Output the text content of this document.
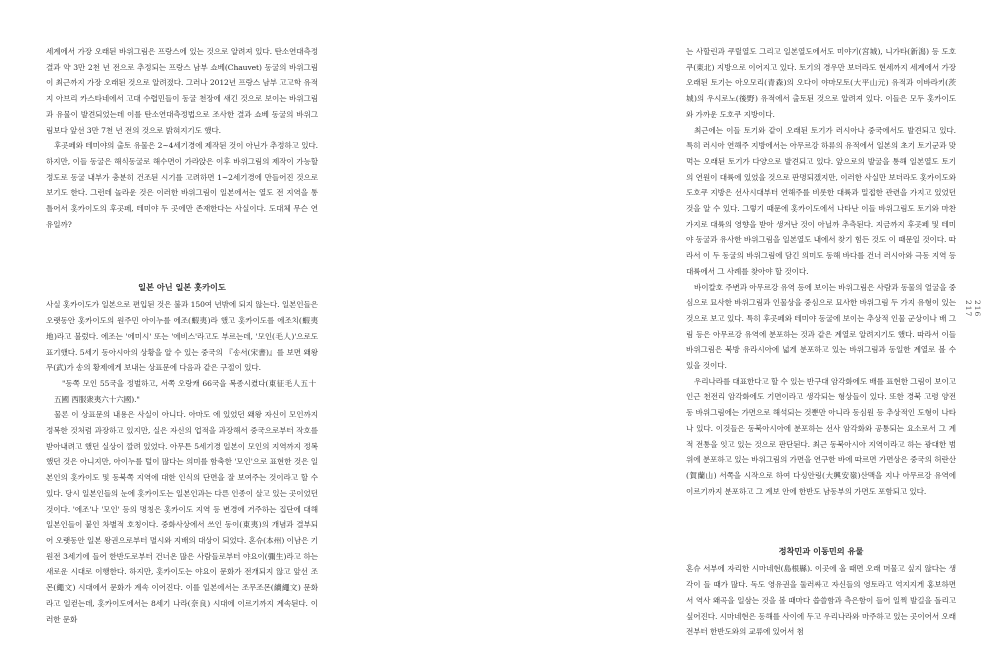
세계에서 가장 오래된 바위그림은 프랑스에 있는 것으로 알려져 있다. 탄소연대측정 결과 약 3만 2천 년 전으로 추정되는 프랑스 남부 쇼베(Chauvet) 동굴의 바위그림이 최근까지 가장 오래된 것으로 알려졌다. 그러나 2012년 프랑스 남부 고고학 유적지 아브리 카스타네에서 고대 수렵민들이 동굴 천장에 새긴 것으로 보이는 바위그림과 유물이 발견되었는데 이를 탄소연대측정법으로 조사한 결과 쇼베 동굴의 바위그림보다 앞선 3만 7천 년 전의 것으로 밝혀지기도 했다.

후곳페와 테미야의 출토 유물은 2~4세기경에 제작된 것이 아닌가 추정하고 있다. 하지만, 이들 동굴은 해식동굴로 해수면이 가라앉은 이후 바위그림의 제작이 가능할 정도로 동굴 내부가 충분히 건조된 시기를 고려하면 1~2세기경에 만들어진 것으로 보기도 한다. 그런데 놀라운 것은 이러한 바위그림이 일본에서는 열도 전 지역을 통틀어서 홋카이도의 후곳페, 테미야 두 곳에만 존재한다는 사실이다. 도대체 무슨 연유일까?

일본 아닌 일본 홋카이도

사실 홋카이도가 일본으로 편입된 것은 불과 150여 년밖에 되지 않는다. 일본인들은 오랫동안 홋카이도의 원주민 아이누를 에조(蝦夷)라 했고 홋카이도를 에조치(蝦夷地)라고 불렀다. 에조는 '에미시' 또는 '에비스'라고도 부르는데, '모인(毛人)'으로도 표기했다. 5세기 동아시아의 상황을 알 수 있는 중국의 『송서(宋書)』를 보면 왜왕 무(武)가 송의 황제에게 보내는 상표문에 다음과 같은 구절이 있다.

"동쪽 모인 55국을 정벌하고, 서쪽 오랑캐 66국을 복종시켰다(東征毛人五十五國 西服衆夷六十六國)."

물론 이 상표문의 내용은 사실이 아니다. 아마도 에 있었던 왜왕 자신이 모인까지 정복한 것처럼 과장하고 있지만, 실은 자신의 업적을 과장해서 중국으로부터 작호를 받아내려고 했던 실상이 깔려 있었다. 아무튼 5세기경 일본이 모인의 지역까지 정복했던 것은 아니지만, 아이누를 털이 많다는 의미를 함축한 '모인'으로 표현한 것은 일본인의 홋카이도 및 동북쪽 지역에 대한 인식의 단면을 잘 보여주는 것이라고 할 수 있다. 당시 일본인들의 눈에 홋카이도는 일본인과는 다른 인종이 살고 있는 곳이었던 것이다. '에조'나 '모인' 등의 명칭은 홋카이도 지역 등 변경에 거주하는 집단에 대해 일본인들이 붙인 차별적 호칭이다. 중화사상에서 쓰인 동이(東夷)의 개념과 결부되어 오랫동안 일본 왕권으로부터 멸시와 지배의 대상이 되었다. 혼슈(本州) 이남은 기원전 3세기에 들어 한반도로부터 건너온 많은 사람들로부터 야요이(彌生)라고 하는 새로운 시대로 이행한다. 하지만, 홋카이도는 야요이 문화가 전개되지 않고 앞선 조몬(繩文) 시대에서 문화가 계속 이어진다. 이를 일본에서는 조무조몬(續繩文) 문화라고 일컫는데, 홋카이도에서는 8세기 나라(奈良) 시대에 이르기까지 계속된다. 이러한 문화

는 사할린과 쿠릴열도 그리고 일본열도에서도 미야기(宮城), 니가타(新潟) 등 도호쿠(東北) 지방으로 이어지고 있다. 토기의 경우만 보더라도 현세까지 세계에서 가장 오래된 토기는 아오모리(青森)의 오다이 야마모토(大平山元) 유적과 이바라키(茨城)의 우시로노(後野) 유적에서 출토된 것으로 알려져 있다. 이들은 모두 홋카이도와 가까운 도호쿠 지방이다.

최근에는 이들 토기와 같이 오래된 토기가 러시아나 중국에서도 발견되고 있다. 특히 러시아 연해주 지방에서는 아무르강 하류의 유적에서 일본의 초기 토기군과 맞먹는 오래된 토기가 다양으로 발견되고 있다. 앞으로의 발굴을 통해 일본열도 토기의 연원이 대륙에 있었을 것으로 판명되겠지만, 이러한 사실만 보더라도 홋카이도와 도호쿠 지방은 선사시대부터 연해주를 비롯한 대륙과 밀접한 관련을 가지고 있었던 것을 알 수 있다. 그렇기 때문에 홋카이도에서 나타난 이들 바위그림도 토기와 마찬가지로 대륙의 영향을 받아 생겨난 것이 아닐까 추측된다. 지금까지 후곳페 및 테미야 동굴과 유사한 바위그림을 일본열도 내에서 찾기 힘든 것도 이 때문일 것이다. 따라서 이 두 동굴의 바위그림에 담긴 의미도 동해 바다를 건너 러시아와 극동 지역 등 대륙에서 그 사례를 찾아야 할 것이다.

바이칼호 주변과 아무르강 유역 등에 보이는 바위그림은 사람과 동물의 얼굴을 중심으로 묘사한 바위그림과 인물상을 중심으로 묘사한 바위그림 두 가지 유형이 있는 것으로 보고 있다. 특히 후곳페와 테미야 동굴에 보이는 추상적 인물 군상이나 배 그림 등은 아무르강 유역에 분포하는 것과 같은 계열로 알려지기도 했다. 따라서 이들 바위그림은 북방 유라시아에 넓게 분포하고 있는 바위그림과 동일한 계열로 볼 수 있을 것이다.

우리나라를 대표한다고 할 수 있는 반구대 암각화에도 배를 표현한 그림이 보이고 인근 천전리 암각화에도 기면이라고 생각되는 형상들이 있다. 또한 경북 고령 양전동 바위그림에는 가면으로 해석되는 것뿐만 아니라 동심원 등 추상적인 도형이 나타나 있다. 이것들은 동북아시아에 분포하는 선사 암각화와 공통되는 요소로서 그 계적 전통을 잇고 있는 것으로 판단된다. 최근 동북아시아 지역이라고 하는 광대한 범위에 분포하고 있는 바위그림의 가면을 연구한 바에 따르면 가면상은 중국의 허란산(賀蘭山) 서쪽을 시작으로 하여 다싱안링(大興安嶺)산맥을 지나 아무르강 유역에 이르기까지 분포하고 그 계보 안에 한반도 남동부의 가면도 포함되고 있다.

정착민과 이동민의 유물

혼슈 서부에 자리한 시마네현(島根縣). 이곳에 올 때면 오래 머물고 싶지 않다는 생각이 들 때가 많다. 독도 영유권을 둘러싸고 자신들의 영토라고 억지지게 홍보하면서 역사 왜곡을 일삼는 것을 볼 때마다 씁쓸함과 측은함이 들어 일찍 발길을 돌리고 싶어진다. 시마네현은 동해를 사이에 두고 우리나라와 마주하고 있는 곳이어서 오래전부터 한반도와의 교류에 있어서 첨

216
217
